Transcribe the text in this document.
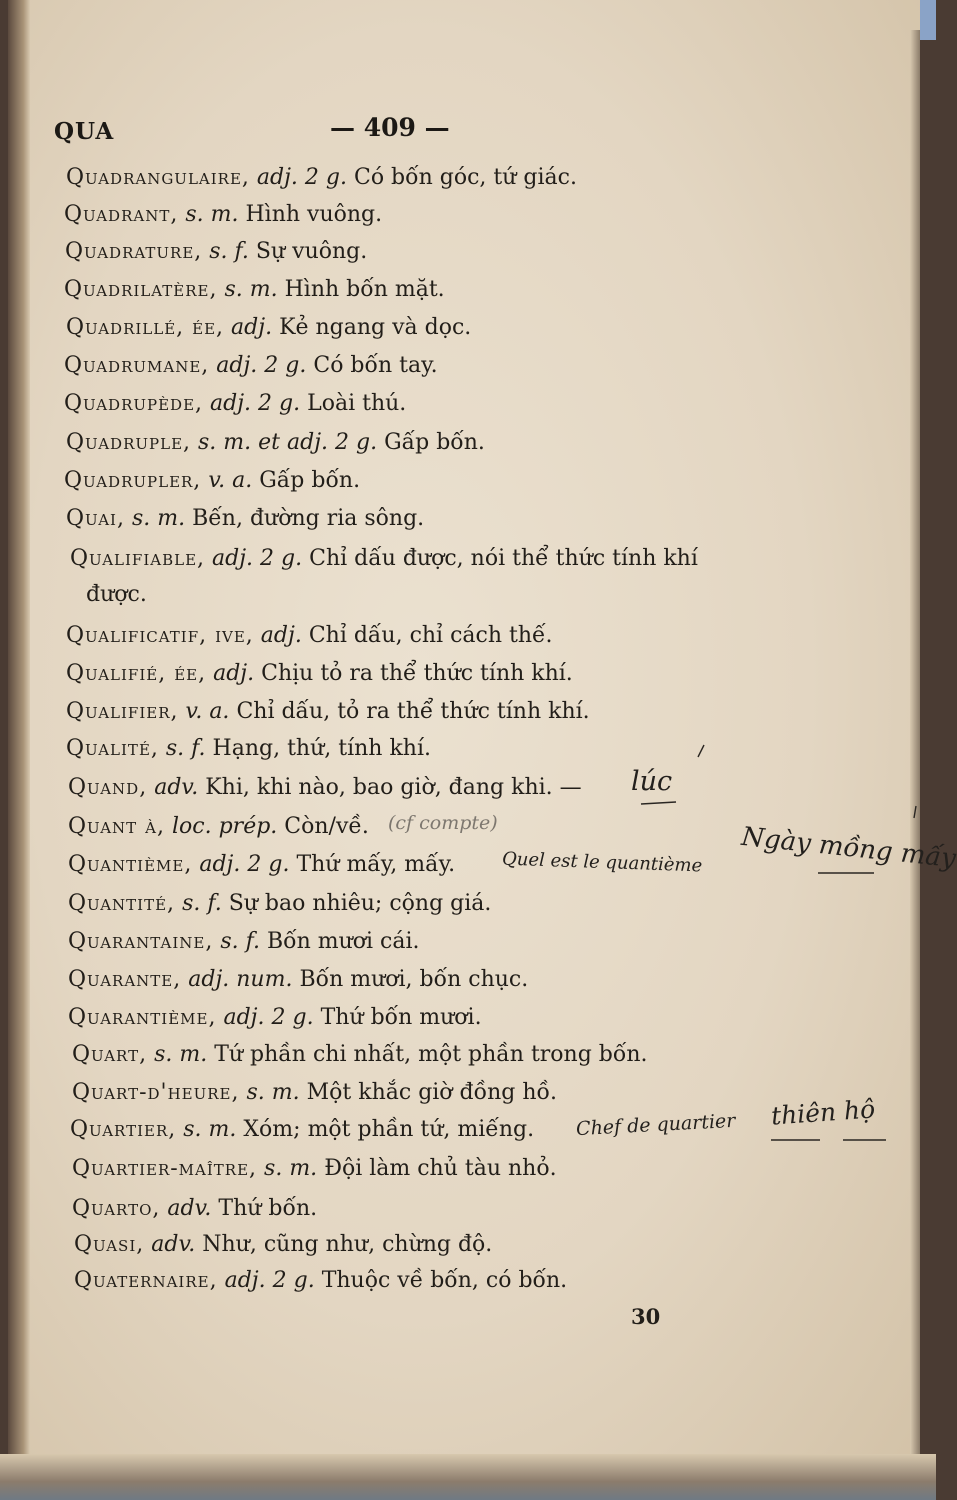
QUA	— 409 —
Quadrangulaire, adj. 2 g. Có bốn góc, tứ giác.
Quadrant, s. m. Hình vuông.
Quadrature, s. f. Sự vuông.
Quadrilatère, s. m. Hình bốn mặt.
Quadrillé, ée, adj. Kẻ ngang và dọc.
Quadrumane, adj. 2 g. Có bốn tay.
Quadrupède, adj. 2 g. Loài thú.
Quadruple, s. m. et adj. 2 g. Gấp bốn.
Quadrupler, v. a. Gấp bốn.
Quai, s. m. Bến, đường ria sông.
Qualifiable, adj. 2 g. Chỉ dấu được, nói thể thức tính khí
được.
Qualificatif, ive, adj. Chỉ dấu, chỉ cách thế.
Qualifié, ée, adj. Chịu tỏ ra thể thức tính khí.
Qualifier, v. a. Chỉ dấu, tỏ ra thể thức tính khí.
Qualité, s. f. Hạng, thứ, tính khí.
Quand, adv. Khi, khi nào, bao giờ, đang khi. —
Quant à, loc. prép. Còn/về.
Quantième, adj. 2 g. Thứ mấy, mấy.
Quantité, s. f. Sự bao nhiêu; cộng giá.
Quarantaine, s. f. Bốn mươi cái.
Quarante, adj. num. Bốn mươi, bốn chục.
Quarantième, adj. 2 g. Thứ bốn mươi.
Quart, s. m. Tứ phần chi nhất, một phần trong bốn.
Quart-d'heure, s. m. Một khắc giờ đồng hồ.
Quartier, s. m. Xóm; một phần tứ, miếng.
Quartier-maître, s. m. Đội làm chủ tàu nhỏ.
Quarto, adv. Thứ bốn.
Quasi, adv. Như, cũng như, chừng độ.
Quaternaire, adj. 2 g. Thuộc về bốn, có bốn.
lúc
(cf compte)
Quel est le quantième Ngày mồng mấy
Chef de quartier thiên hộ
30
